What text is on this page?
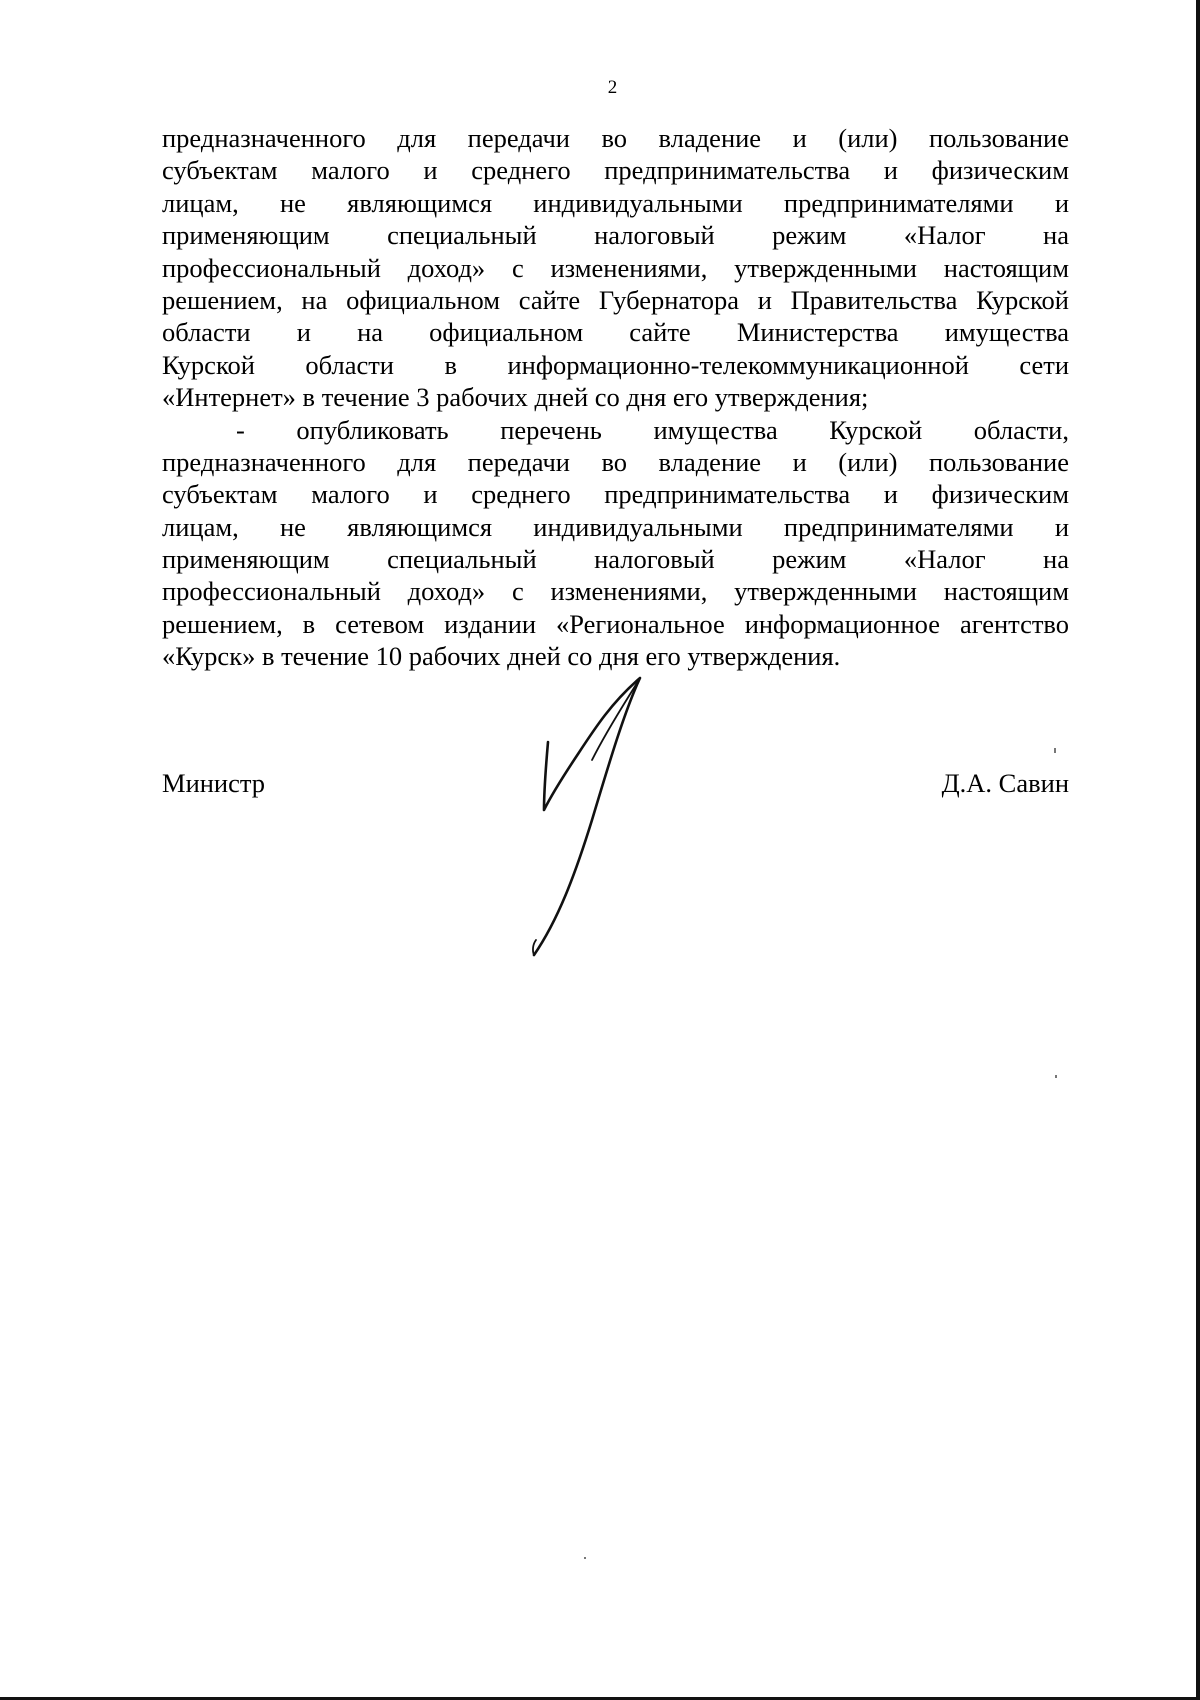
2
предназначенного для передачи во владение и (или) пользование
субъектам малого и среднего предпринимательства и физическим
лицам, не являющимся индивидуальными предпринимателями и
применяющим специальный налоговый режим «Налог на
профессиональный доход» с изменениями, утвержденными настоящим
решением, на официальном сайте Губернатора и Правительства Курской
области и на официальном сайте Министерства имущества
Курской области в информационно-телекоммуникационной сети
«Интернет» в течение 3 рабочих дней со дня его утверждения;
- опубликовать перечень имущества Курской области,
предназначенного для передачи во владение и (или) пользование
субъектам малого и среднего предпринимательства и физическим
лицам, не являющимся индивидуальными предпринимателями и
применяющим специальный налоговый режим «Налог на
профессиональный доход» с изменениями, утвержденными настоящим
решением, в сетевом издании «Региональное информационное агентство
«Курск» в течение 10 рабочих дней со дня его утверждения.
Министр	Д.А. Савин
